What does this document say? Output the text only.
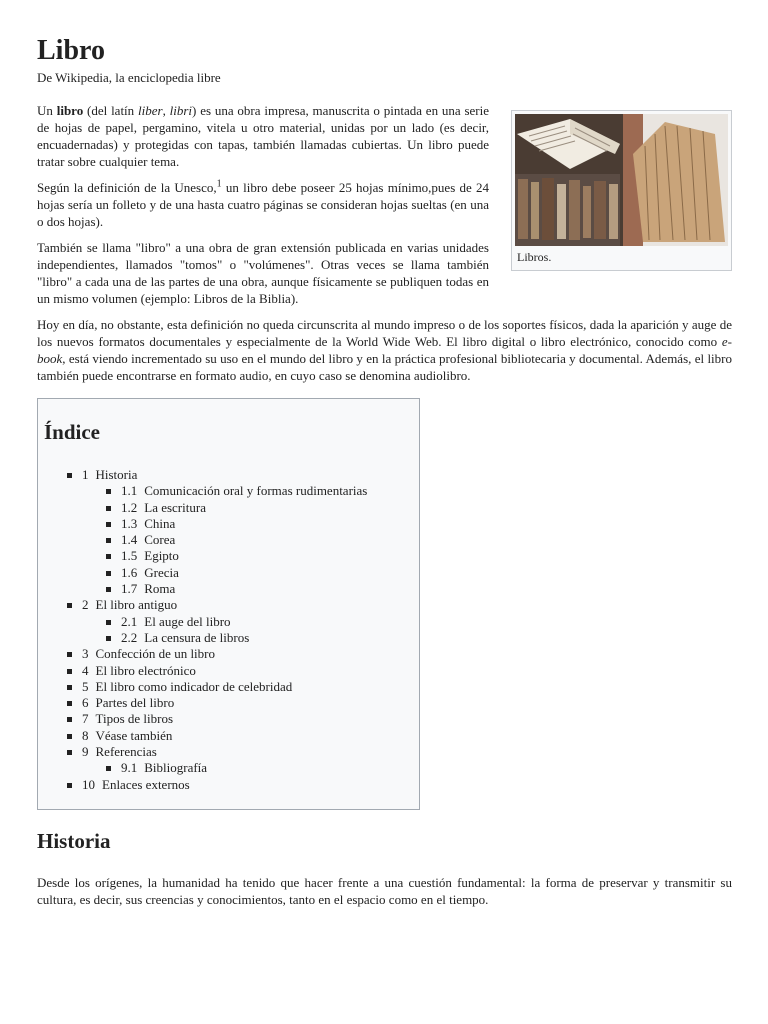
Libro
De Wikipedia, la enciclopedia libre
Libros.

Un libro (del latín liber, libri) es una obra impresa, manuscrita o pintada en una serie de hojas de papel, pergamino, vitela u otro material, unidas por un lado (es decir, encuadernadas) y protegidas con tapas, también llamadas cubiertas. Un libro puede tratar sobre cualquier tema.

Según la definición de la Unesco,$^1$ un libro debe poseer 25 hojas mínimo,pues de 24 hojas sería un folleto y de una hasta cuatro páginas se consideran hojas sueltas (en una o dos hojas).

También se llama "libro" a una obra de gran extensión publicada en varias unidades independientes, llamados "tomos" o "volúmenes". Otras veces se llama también "libro" a cada una de las partes de una obra, aunque físicamente se publiquen todas en un mismo volumen (ejemplo: Libros de la Biblia).

Hoy en día, no obstante, esta definición no queda circunscrita al mundo impreso o de los soportes físicos, dada la aparición y auge de los nuevos formatos documentales y especialmente de la World Wide Web. El libro digital o libro electrónico, conocido como e-book, está viendo incrementado su uso en el mundo del libro y en la práctica profesional bibliotecaria y documental. Además, el libro también puede encontrarse en formato audio, en cuyo caso se denomina audiolibro.

Índice
1 Historia
1.1 Comunicación oral y formas rudimentarias
1.2 La escritura
1.3 China
1.4 Corea
1.5 Egipto
1.6 Grecia
1.7 Roma
2 El libro antiguo
2.1 El auge del libro
2.2 La censura de libros
3 Confección de un libro
4 El libro electrónico
5 El libro como indicador de celebridad
6 Partes del libro
7 Tipos de libros
8 Véase también
9 Referencias
9.1 Bibliografía
10 Enlaces externos
Historia

Desde los orígenes, la humanidad ha tenido que hacer frente a una cuestión fundamental: la forma de preservar y transmitir su cultura, es decir, sus creencias y conocimientos, tanto en el espacio como en el tiempo.
